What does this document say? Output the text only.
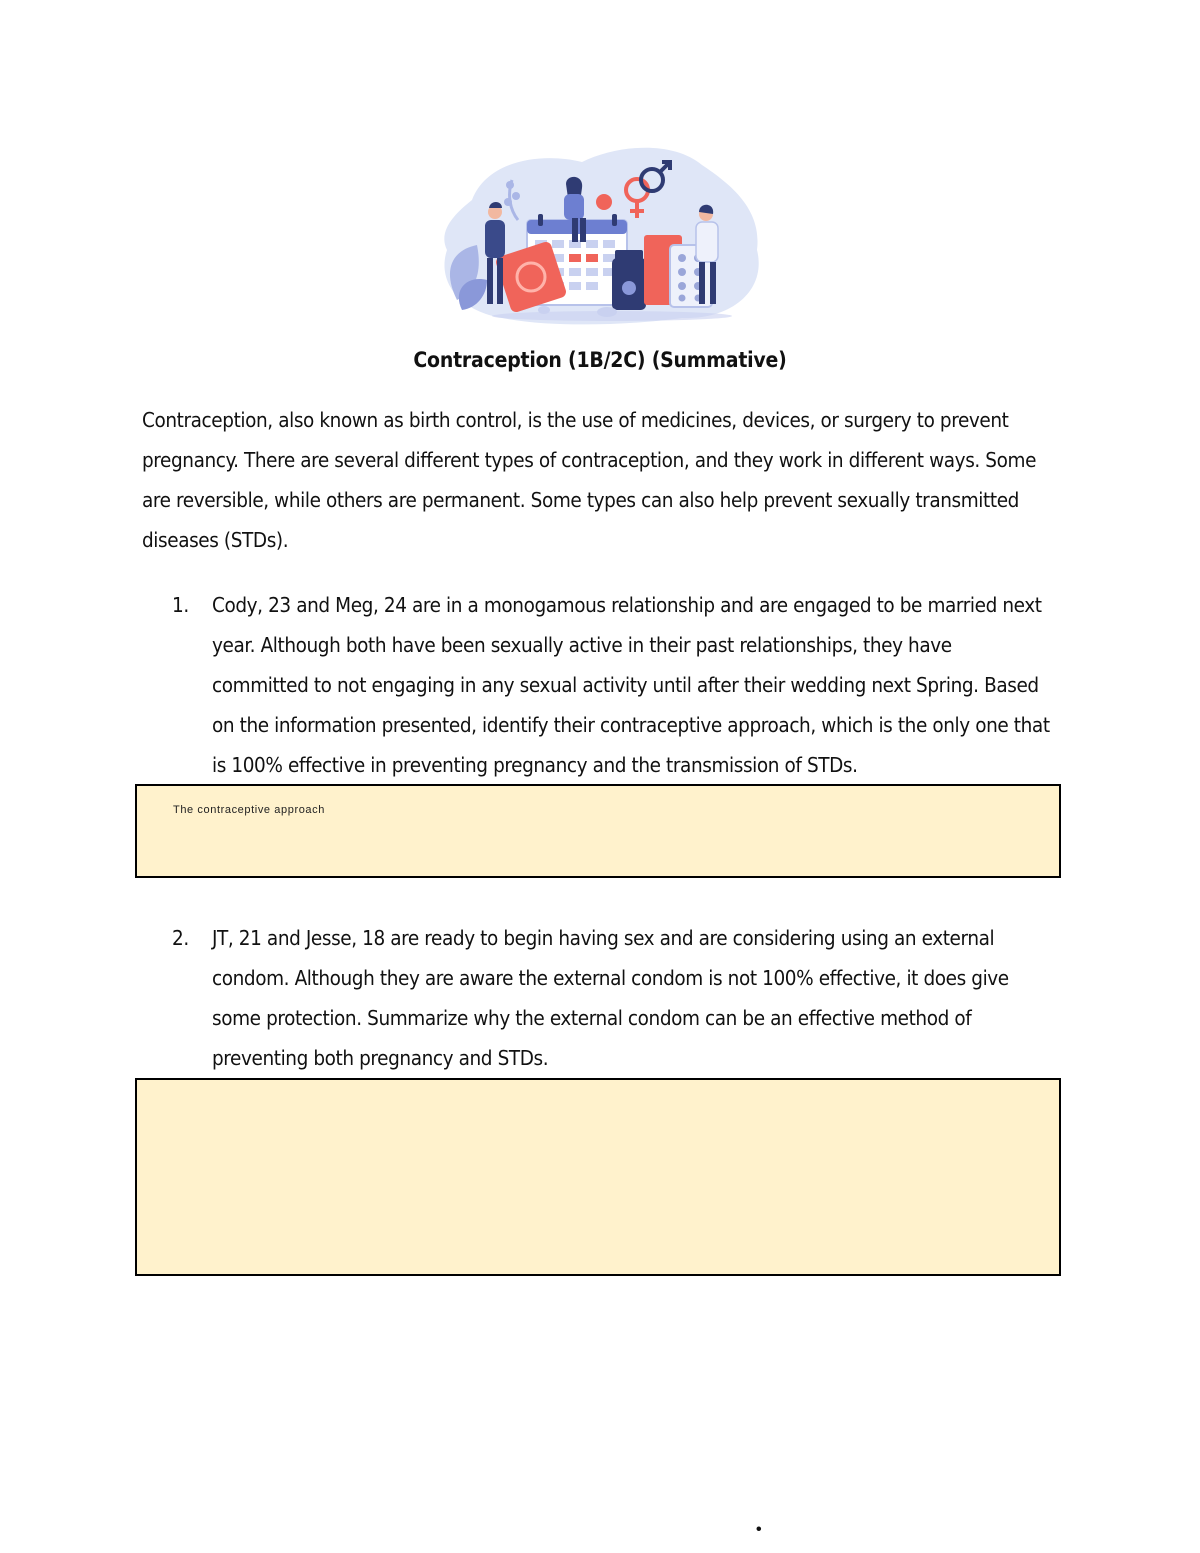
Contraception (1B/2C) (Summative)
Contraception, also known as birth control, is the use of medicines, devices, or surgery to prevent pregnancy. There are several different types of contraception, and they work in different ways. Some are reversible, while others are permanent. Some types can also help prevent sexually transmitted diseases (STDs).
1. Cody, 23 and Meg, 24 are in a monogamous relationship and are engaged to be married next year. Although both have been sexually active in their past relationships, they have committed to not engaging in any sexual activity until after their wedding next Spring. Based on the information presented, identify their contraceptive approach, which is the only one that is 100% effective in preventing pregnancy and the transmission of STDs.
The contraceptive approach
2. JT, 21 and Jesse, 18 are ready to begin having sex and are considering using an external condom. Although they are aware the external condom is not 100% effective, it does give some protection. Summarize why the external condom can be an effective method of preventing both pregnancy and STDs.
•
